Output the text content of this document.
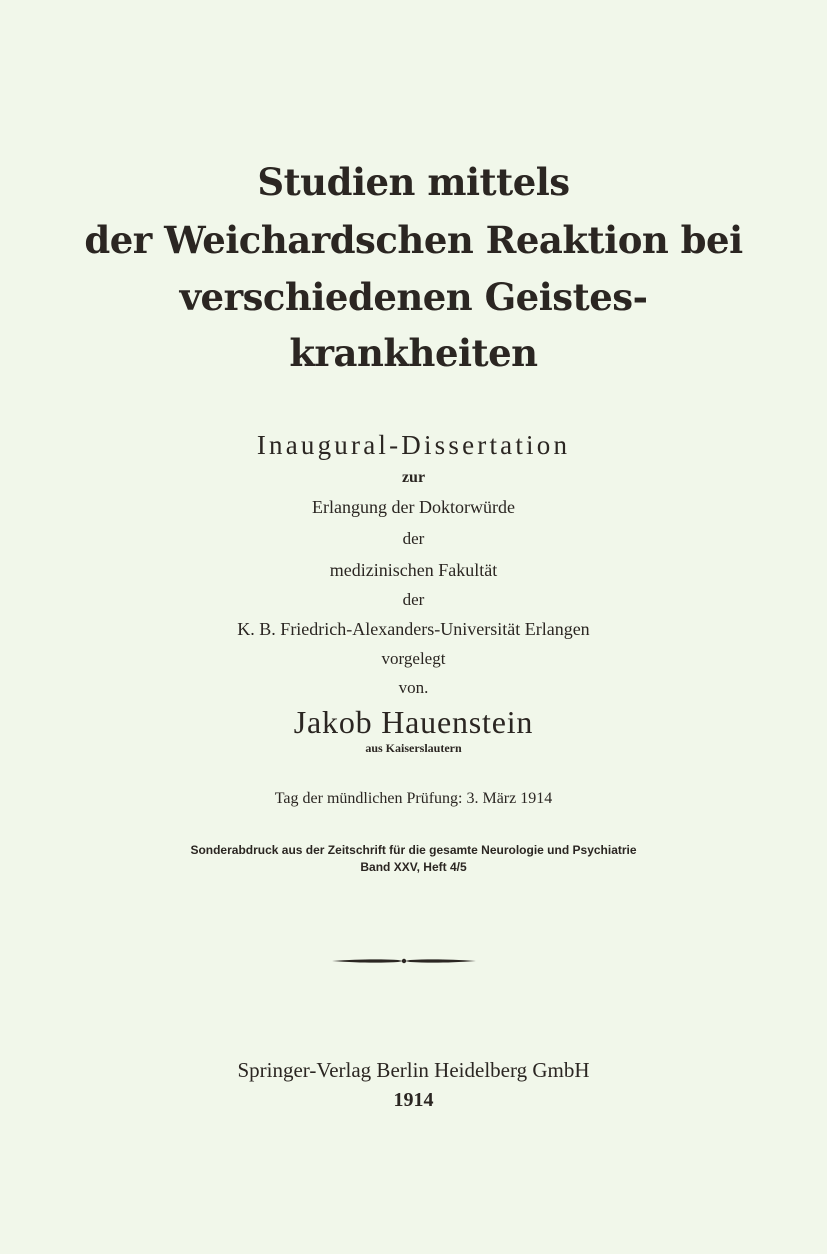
Studien mittels
der Weichardschen Reaktion bei
verschiedenen Geistes-
krankheiten
Inaugural-Dissertation
zur
Erlangung der Doktorwürde
der
medizinischen Fakultät
der
K. B. Friedrich-Alexanders-Universität Erlangen
vorgelegt
von.
Jakob Hauenstein
aus Kaiserslautern
Tag der mündlichen Prüfung: 3. März 1914
Sonderabdruck aus der Zeitschrift für die gesamte Neurologie und Psychiatrie
Band XXV, Heft 4/5
Springer-Verlag Berlin Heidelberg GmbH
1914
